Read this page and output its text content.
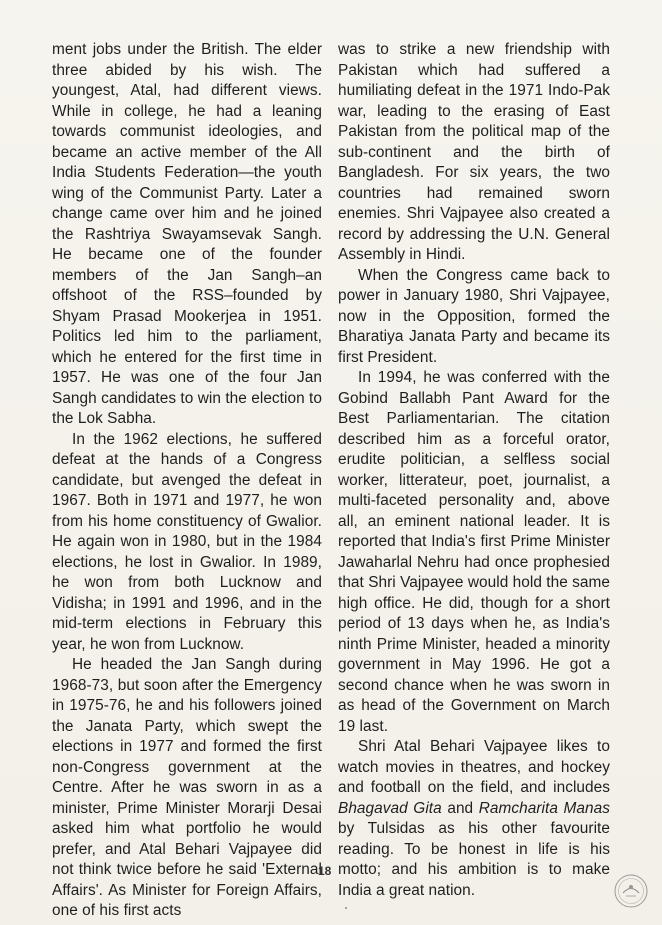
ment jobs under the British. The elder three abided by his wish. The youngest, Atal, had different views. While in college, he had a leaning towards communist ideologies, and became an active member of the All India Students Federation—the youth wing of the Communist Party. Later a change came over him and he joined the Rashtriya Swayamsevak Sangh. He became one of the founder members of the Jan Sangh–an offshoot of the RSS–founded by Shyam Prasad Mookerjea in 1951. Politics led him to the parliament, which he entered for the first time in 1957. He was one of the four Jan Sangh candidates to win the election to the Lok Sabha.

In the 1962 elections, he suffered defeat at the hands of a Congress candidate, but avenged the defeat in 1967. Both in 1971 and 1977, he won from his home constituency of Gwalior. He again won in 1980, but in the 1984 elections, he lost in Gwalior. In 1989, he won from both Lucknow and Vidisha; in 1991 and 1996, and in the mid-term elections in February this year, he won from Lucknow.

He headed the Jan Sangh during 1968-73, but soon after the Emergency in 1975-76, he and his followers joined the Janata Party, which swept the elections in 1977 and formed the first non-Congress government at the Centre. After he was sworn in as a minister, Prime Minister Morarji Desai asked him what portfolio he would prefer, and Atal Behari Vajpayee did not think twice before he said 'External Affairs'. As Minister for Foreign Affairs, one of his first acts

was to strike a new friendship with Pakistan which had suffered a humiliating defeat in the 1971 Indo-Pak war, leading to the erasing of East Pakistan from the political map of the sub-continent and the birth of Bangladesh. For six years, the two countries had remained sworn enemies. Shri Vajpayee also created a record by addressing the U.N. General Assembly in Hindi.

When the Congress came back to power in January 1980, Shri Vajpayee, now in the Opposition, formed the Bharatiya Janata Party and became its first President.

In 1994, he was conferred with the Gobind Ballabh Pant Award for the Best Parliamentarian. The citation described him as a forceful orator, erudite politician, a selfless social worker, litterateur, poet, journalist, a multi-faceted personality and, above all, an eminent national leader. It is reported that India's first Prime Minister Jawaharlal Nehru had once prophesied that Shri Vajpayee would hold the same high office. He did, though for a short period of 13 days when he, as India's ninth Prime Minister, headed a minority government in May 1996. He got a second chance when he was sworn in as head of the Government on March 19 last.

Shri Atal Behari Vajpayee likes to watch movies in theatres, and hockey and football on the field, and includes Bhagavad Gita and Ramcharita Manas by Tulsidas as his other favourite reading. To be honest in life is his motto; and his ambition is to make India a great nation.

18
